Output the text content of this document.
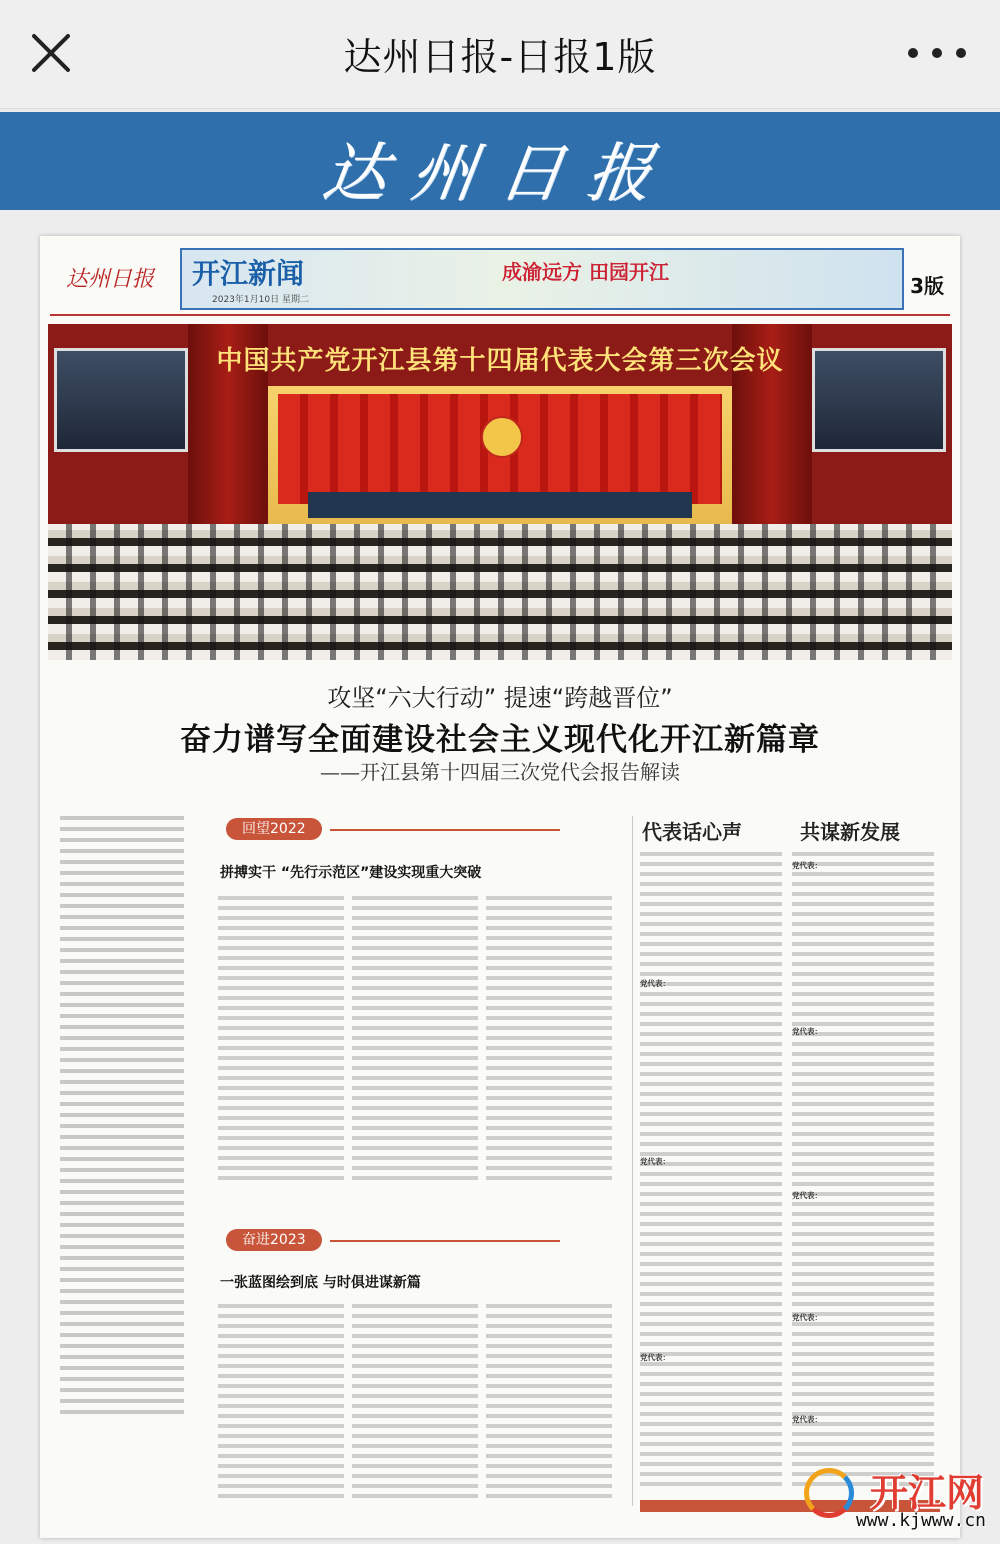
达州日报-日报1版
达州日报
达州日报 开江新闻	成渝远方 田园开江
2023年1月10日 星期二
3版
中国共产党开江县第十四届代表大会第三次会议
攻坚“六大行动” 提速“跨越晋位”
奋力谱写全面建设社会主义现代化开江新篇章
——开江县第十四届三次党代会报告解读
回望2022
拼搏实干 “先行示范区”建设实现重大突破
奋进2023
一张蓝图绘到底 与时俱进谋新篇
代表话心声	共谋新发展
党代表：
党代表：
党代表：
党代表：
党代表：
党代表：
党代表：
党代表：
开江网
www.kjwww.cn
